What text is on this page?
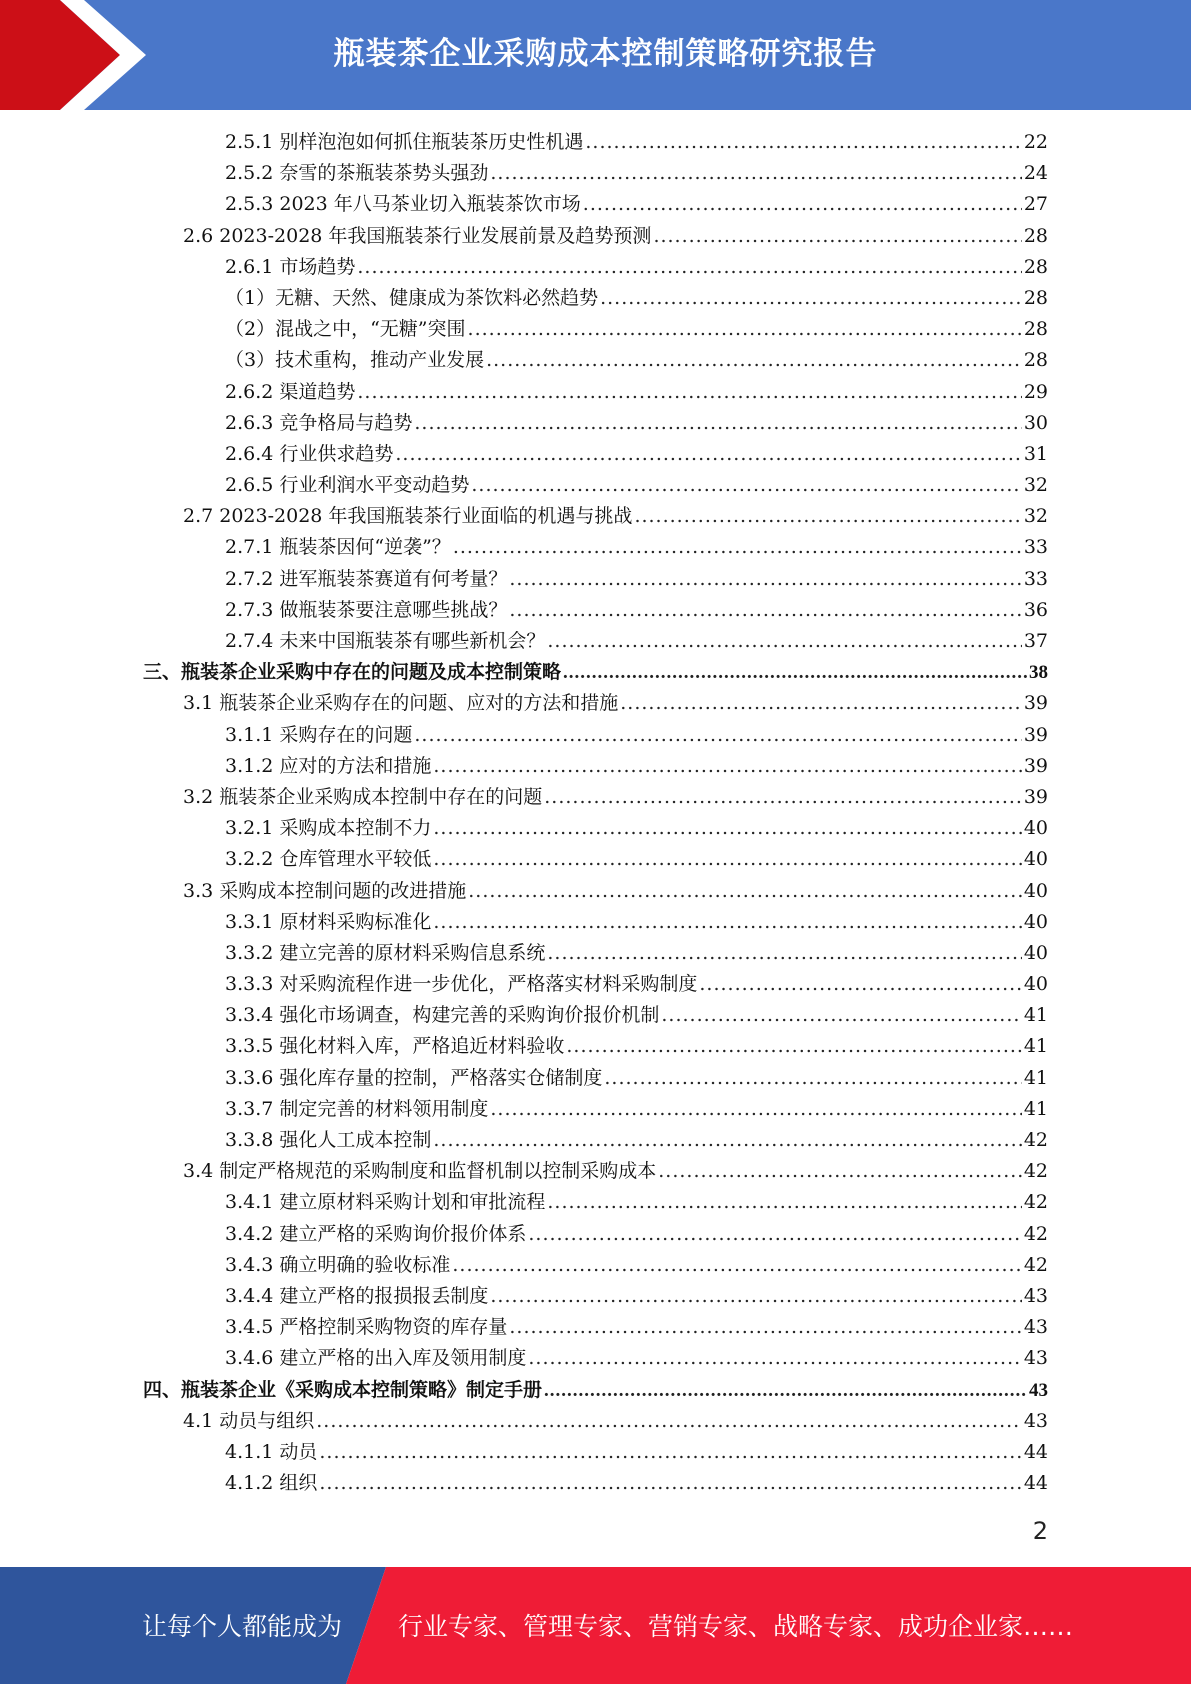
瓶装茶企业采购成本控制策略研究报告
2.5.1 别样泡泡如何抓住瓶装茶历史性机遇 .....	22
2.5.2 奈雪的茶瓶装茶势头强劲 .....	24
2.5.3 2023 年八马茶业切入瓶装茶饮市场 .....	27
2.6 2023-2028 年我国瓶装茶行业发展前景及趋势预测 .....	28
2.6.1 市场趋势 .....	28
（1）无糖、天然、健康成为茶饮料必然趋势 .....	28
（2）混战之中，“无糖”突围 .....	28
（3）技术重构，推动产业发展 .....	28
2.6.2 渠道趋势 .....	29
2.6.3 竞争格局与趋势 .....	30
2.6.4 行业供求趋势 .....	31
2.6.5 行业利润水平变动趋势 .....	32
2.7 2023-2028 年我国瓶装茶行业面临的机遇与挑战 .....	32
2.7.1 瓶装茶因何“逆袭”？ .....	33
2.7.2 进军瓶装茶赛道有何考量？ .....	33
2.7.3 做瓶装茶要注意哪些挑战？ .....	36
2.7.4 未来中国瓶装茶有哪些新机会？ .....	37
三、瓶装茶企业采购中存在的问题及成本控制策略 .....	38
3.1 瓶装茶企业采购存在的问题、应对的方法和措施 .....	39
3.1.1 采购存在的问题 .....	39
3.1.2 应对的方法和措施 .....	39
3.2 瓶装茶企业采购成本控制中存在的问题 .....	39
3.2.1 采购成本控制不力 .....	40
3.2.2 仓库管理水平较低 .....	40
3.3 采购成本控制问题的改进措施 .....	40
3.3.1 原材料采购标准化 .....	40
3.3.2 建立完善的原材料采购信息系统 .....	40
3.3.3 对采购流程作进一步优化，严格落实材料采购制度 .....	40
3.3.4 强化市场调查，构建完善的采购询价报价机制 .....	41
3.3.5 强化材料入库，严格追近材料验收 .....	41
3.3.6 强化库存量的控制，严格落实仓储制度 .....	41
3.3.7 制定完善的材料领用制度 .....	41
3.3.8 强化人工成本控制 .....	42
3.4 制定严格规范的采购制度和监督机制以控制采购成本 .....	42
3.4.1 建立原材料采购计划和审批流程 .....	42
3.4.2 建立严格的采购询价报价体系 .....	42
3.4.3 确立明确的验收标准 .....	42
3.4.4 建立严格的报损报丢制度 .....	43
3.4.5 严格控制采购物资的库存量 .....	43
3.4.6 建立严格的出入库及领用制度 .....	43
四、瓶装茶企业《采购成本控制策略》制定手册 .....	43
4.1 动员与组织 .....	43
4.1.1 动员 .....	44
4.1.2 组织 .....	44
2
让每个人都能成为 行业专家、管理专家、营销专家、战略专家、成功企业家……
